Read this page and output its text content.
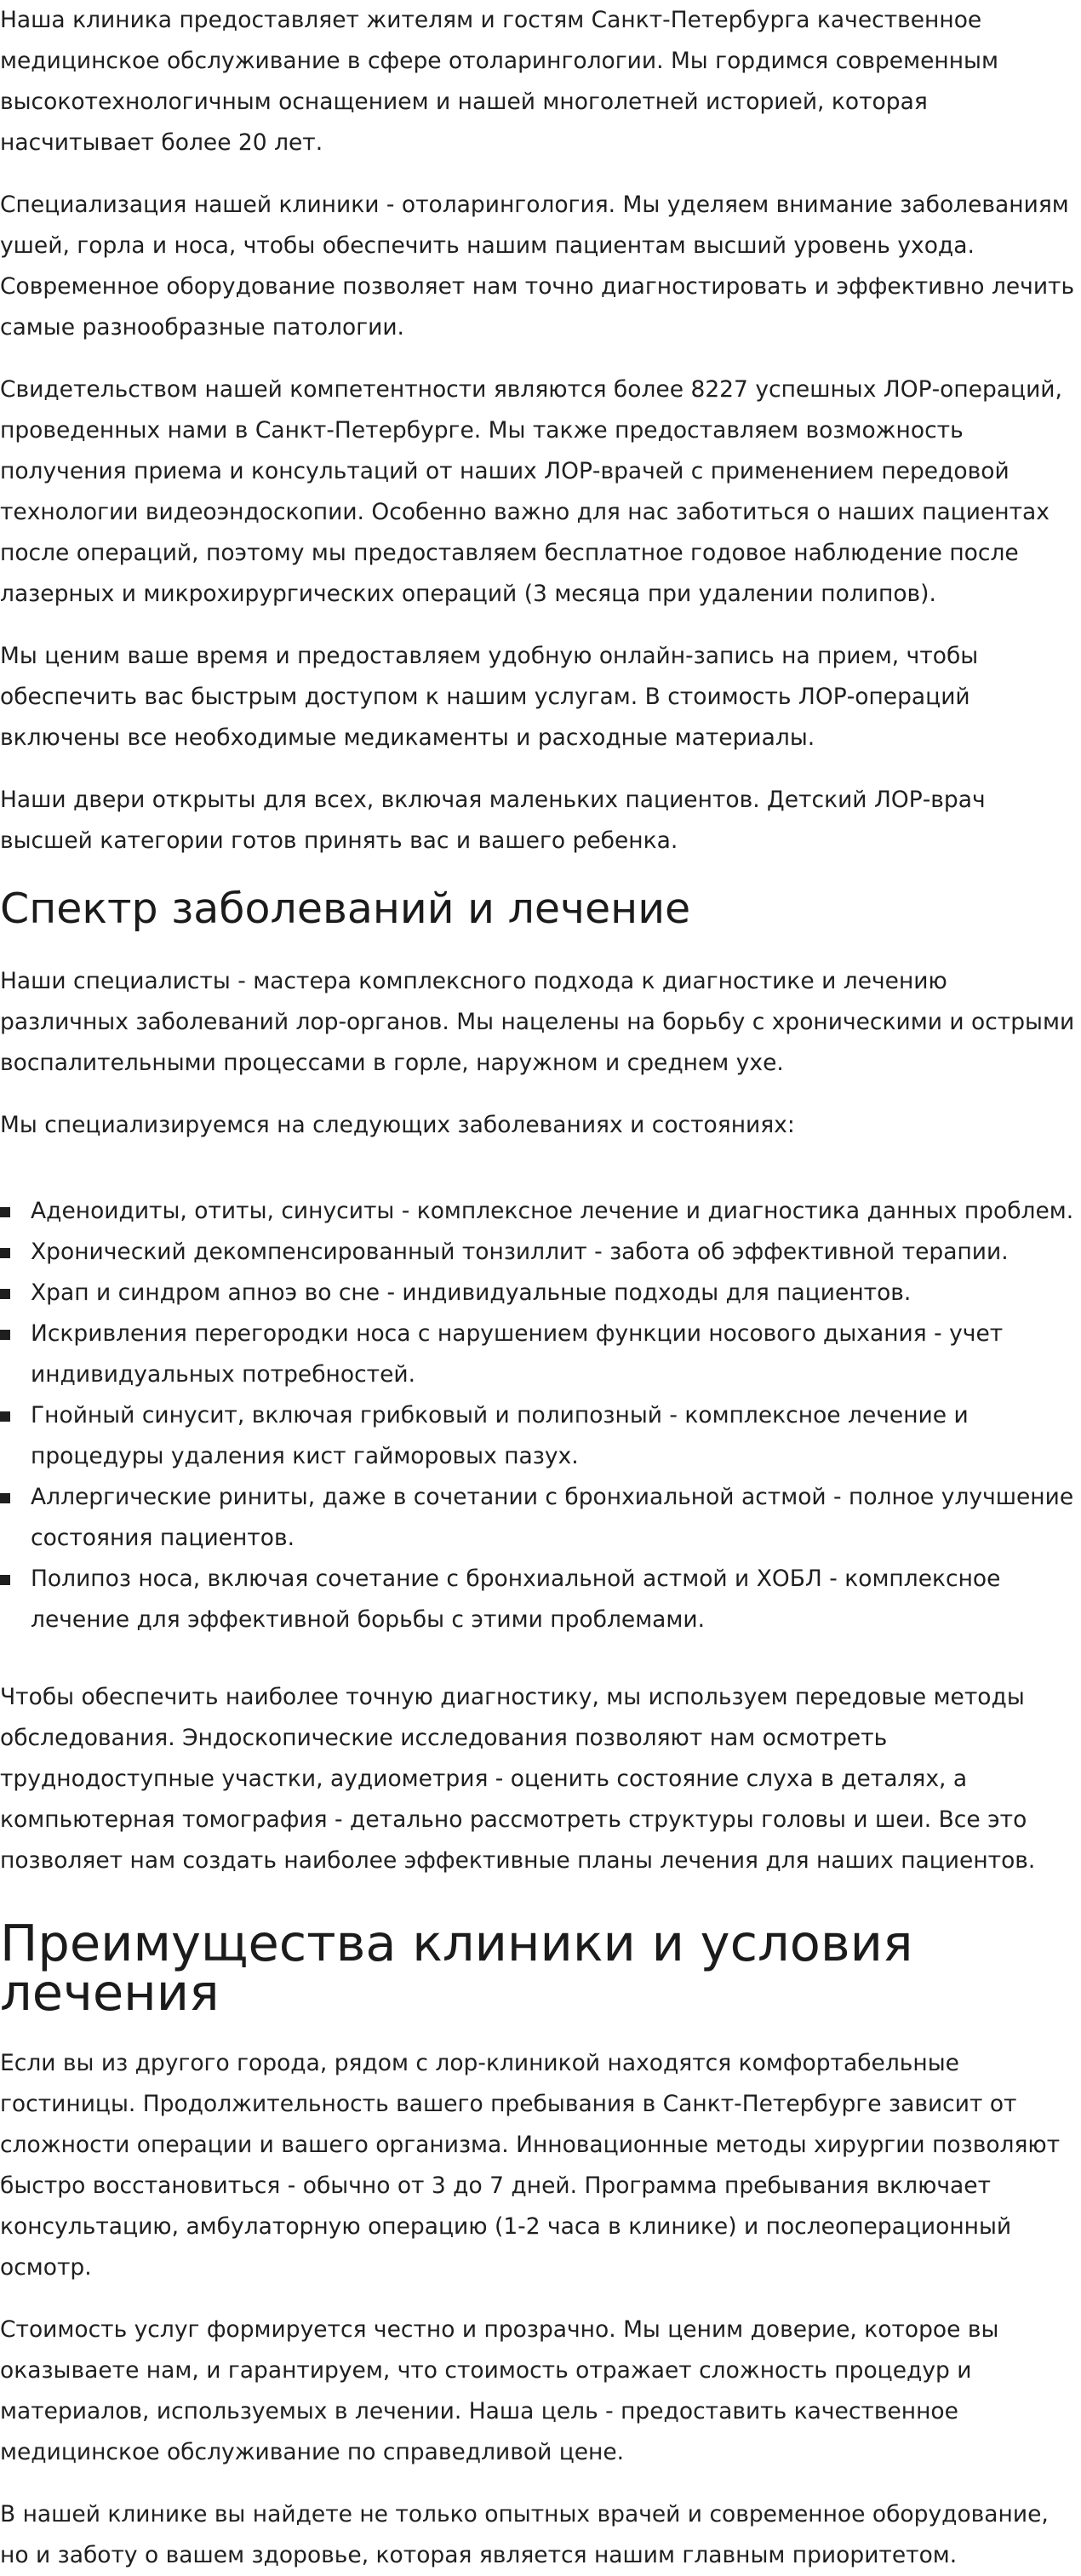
Наша клиника предоставляет жителям и гостям Санкт-Петербурга качественное медицинское обслуживание в сфере отоларингологии. Мы гордимся современным высокотехнологичным оснащением и нашей многолетней историей, которая насчитывает более 20 лет.

Специализация нашей клиники - отоларингология. Мы уделяем внимание заболеваниям ушей, горла и носа, чтобы обеспечить нашим пациентам высший уровень ухода. Современное оборудование позволяет нам точно диагностировать и эффективно лечить самые разнообразные патологии.

Свидетельством нашей компетентности являются более 8227 успешных ЛОР-операций, проведенных нами в Санкт-Петербурге. Мы также предоставляем возможность получения приема и консультаций от наших ЛОР-врачей с применением передовой технологии видеоэндоскопии. Особенно важно для нас заботиться о наших пациентах после операций, поэтому мы предоставляем бесплатное годовое наблюдение после лазерных и микрохирургических операций (3 месяца при удалении полипов).

Мы ценим ваше время и предоставляем удобную онлайн-запись на прием, чтобы обеспечить вас быстрым доступом к нашим услугам. В стоимость ЛОР-операций включены все необходимые медикаменты и расходные материалы.

Наши двери открыты для всех, включая маленьких пациентов. Детский ЛОР-врач высшей категории готов принять вас и вашего ребенка.

Спектр заболеваний и лечение

Наши специалисты - мастера комплексного подхода к диагностике и лечению различных заболеваний лор-органов. Мы нацелены на борьбу с хроническими и острыми воспалительными процессами в горле, наружном и среднем ухе.

Мы специализируемся на следующих заболеваниях и состояниях:

Аденоидиты, отиты, синуситы - комплексное лечение и диагностика данных проблем.
Хронический декомпенсированный тонзиллит - забота об эффективной терапии.
Храп и синдром апноэ во сне - индивидуальные подходы для пациентов.
Искривления перегородки носа с нарушением функции носового дыхания - учет индивидуальных потребностей.
Гнойный синусит, включая грибковый и полипозный - комплексное лечение и процедуры удаления кист гайморовых пазух.
Аллергические риниты, даже в сочетании с бронхиальной астмой - полное улучшение состояния пациентов.
Полипоз носа, включая сочетание с бронхиальной астмой и ХОБЛ - комплексное лечение для эффективной борьбы с этими проблемами.

Чтобы обеспечить наиболее точную диагностику, мы используем передовые методы обследования. Эндоскопические исследования позволяют нам осмотреть труднодоступные участки, аудиометрия - оценить состояние слуха в деталях, а компьютерная томография - детально рассмотреть структуры головы и шеи. Все это позволяет нам создать наиболее эффективные планы лечения для наших пациентов.

Преимущества клиники и условия лечения

Если вы из другого города, рядом с лор-клиникой находятся комфортабельные гостиницы. Продолжительность вашего пребывания в Санкт-Петербурге зависит от сложности операции и вашего организма. Инновационные методы хирургии позволяют быстро восстановиться - обычно от 3 до 7 дней. Программа пребывания включает консультацию, амбулаторную операцию (1-2 часа в клинике) и послеоперационный осмотр.

Стоимость услуг формируется честно и прозрачно. Мы ценим доверие, которое вы оказываете нам, и гарантируем, что стоимость отражает сложность процедур и материалов, используемых в лечении. Наша цель - предоставить качественное медицинское обслуживание по справедливой цене.

В нашей клинике вы найдете не только опытных врачей и современное оборудование, но и заботу о вашем здоровье, которая является нашим главным приоритетом.
